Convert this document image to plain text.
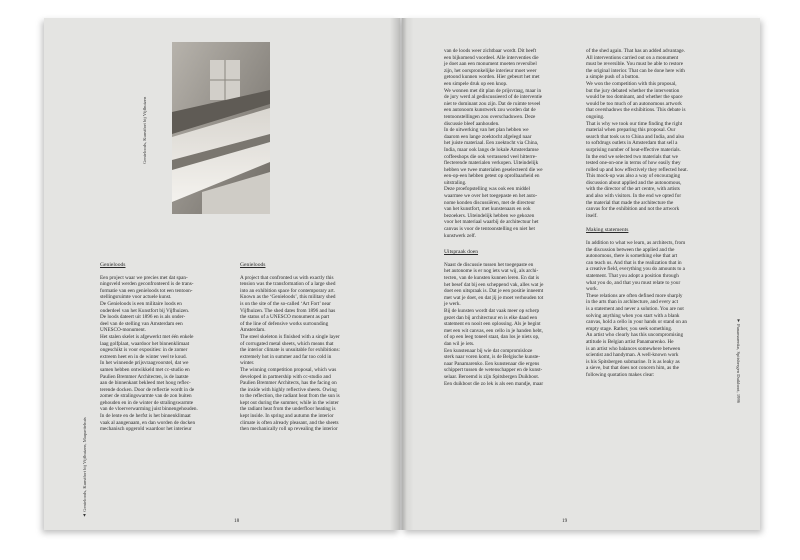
Genieloods, Kunstfort bij Vijfhuizen
▲ Genieloods, Kunstfort bij Vijfhuizen, Maquettehuis
Genieloods

Een project waar we precies met dat span-
ningsveld werden geconfronteerd is de trans-
formatie van een genieloods tot een tentoon-
stellingsruimte voor actuele kunst.
De Genieloods is een militaire loods en
onderdeel van het Kunstfort bij Vijfhuizen.
De loods dateert uit 1896 en is als onder-
deel van de stelling van Amsterdam een
UNESCO-monument.
Het stalen skelet is afgewerkt met één enkele
laag golfplaat, waardoor het binnenklimaat
ongeschikt is voor exposities: in de zomer
extreem heet en in de winter veel te koud.
In het winnende prijsvraagvoorstel, dat we
samen hebben ontwikkeld met cc-studio en
Paulien Bremmer Architecten, is de laatste
aan de binnenkant bekleed met hoog reflec-
terende docken. Door de reflectie wordt in de
zomer de stralingswarmte van de zon buiten
gehouden en in de winter de stralingswarmte
van de vloerverwarming juist binnengehouden.
In de lente en de herfst is het binnenklimaat
vaak al aangenaam, en dan worden de docken
mechanisch opgerold waardoor het interieur

Genieloods

A project that confronted us with exactly this
tension was the transformation of a large shed
into an exhibition space for contemporary art.
Known as the ‘Genieloods’, this military shed
is on the site of the so-called ‘Art Fort’ near
Vijfhuizen. The shed dates from 1896 and has
the status of a UNESCO monument as part
of the line of defensive works surrounding
Amsterdam.
The steel skeleton is finished with a single layer
of corrugated metal sheets, which means that
the interior climate is unsuitable for exhibitions:
extremely hot in summer and far too cold in
winter.
The winning competition proposal, which was
developed in partnership with cc-studio and
Paulien Bremmer Architects, has the facing on
the inside with highly reflective sheets. Owing
to the reflection, the radiant heat from the sun is
kept out during the summer, while in the winter
the radiant heat from the underfloor heating is
kept inside. In spring and autumn the interior
climate is often already pleasant, and the sheets
then mechanically roll up revealing the interior

18

van de loods weer zichtbaar wordt. Dit heeft
een bijkomend voordeel. Alle interventies die
je doet aan een monument moeten reversibel
zijn, het oorspronkelijke interieur moet weer
getoond kunnen worden. Hier gebeurt het met
een simpele druk op een knop.
We wonnen met dit plan de prijsvraag, maar in
de jury werd al gediscussieerd of de interventie
niet te dominant zou zijn. Dat de ruimte teveel
een autonoom kunstwerk zou worden dat de
tentoonstellingen zou overschaduwen. Deze
discussie bleef aanhouden.
In de uitwerking van het plan hebben we
daarom een lange zoektocht afgelegd naar
het juiste materiaal. Een zoektocht via China,
India, maar ook langs de lokale Amsterdamse
coffeeshops die ook verrassend veel hitterre-
flecterende materialen verkopen. Uiteindelijk
hebben we twee materialen geselecteerd die we
een-op-een hebben getest op oprolbaarheid en
uitstraling.
Deze proefopstelling was ook een middel
waarmee we over het toegepaste en het auto-
nome konden discussiëren, met de directeur
van het kunstfort, met kunstenaars en ook
bezoekers. Uiteindelijk hebben we gekozen
voor het materiaal waarbij de architectuur het
canvas is voor de tentoonstelling en niet het
kunstwerk zelf.

Uitspraak doen

Naast de discussie tussen het toegepaste en
het autonome is er nog iets wat wij, als archi-
tecten, van de kunsten kunnen leren. En dat is
het besef dat bij een scheppend vak, alles wat je
doet een uitspraak is. Dat je een positie inneemt
met wat je doet, en dat jij je moet verhouden tot
je werk.
Bij de kunsten wordt dat vaak meer op scherp
gezet dan bij architectuur en is elke daad een
statement en nooit een oplossing. Als je begint
met een wit canvas, een cello in je handen hebt,
of op een leeg toneel staat, dan los je niets op,
dan wil je iets.
Een kunstenaar bij wie dat compromisloze
sterk naar voren komt, is de Belgische kunste-
naar Panamarenko. Een kunstenaar die ergens
schippert tussen de wetenschapper en de kunst-
selaar. Beroemd is zijn Spitsbergen Duikboot.
Een duikboot die zo lek is als een mandje, maar

of the shed again. That has an added advantage.
All interventions carried out on a monument
must be reversible. You must be able to restore
the original interior. That can be done here with
a simple push of a button.
We won the competition with this proposal,
but the jury debated whether the intervention
would be too dominant, and whether the space
would be too much of an autonomous artwork
that overshadows the exhibitions. This debate is
ongoing.
That is why we took our time finding the right
material when preparing this proposal. Our
search that took us to China and India, and also
to softdrugs outlets in Amsterdam that sell a
surprising number of heat-effective materials.
In the end we selected two materials that we
tested one-on-one in terms of how easily they
rolled up and how effectively they reflected heat.
This mock-up was also a way of encouraging
discussion about applied and the autonomous,
with the director of the art centre, with artists
and also with visitors. In the end we opted for
the material that made the architecture the
canvas for the exhibition and not the artwork
itself.

Making statements

In addition to what we learn, as architects, from
the discussion between the applied and the
autonomous, there is something else that art
can teach us. And that is the realization that in
a creative field, everything you do amounts to a
statement. That you adopt a position through
what you do, and that you must relate to your
work.
These relations are often defined more sharply
in the arts than in architecture, and every act
is a statement and never a solution. You are not
solving anything when you start with a blank
canvas, hold a cello in your hands or stand on an
empty stage. Rather, you seek something.
An artist who clearly has this uncompromising
attitude is Belgian artist Panamarenko. He
is an artist who balances somewhere between
scientist and handyman. A well-known work
is his Spitsbergen submarine. It is as leaky as
a sieve, but that does not concern him, as the
following quotation makes clear:	▼ Panamarenko, Spitsbergen Duikboot, 1996
19
